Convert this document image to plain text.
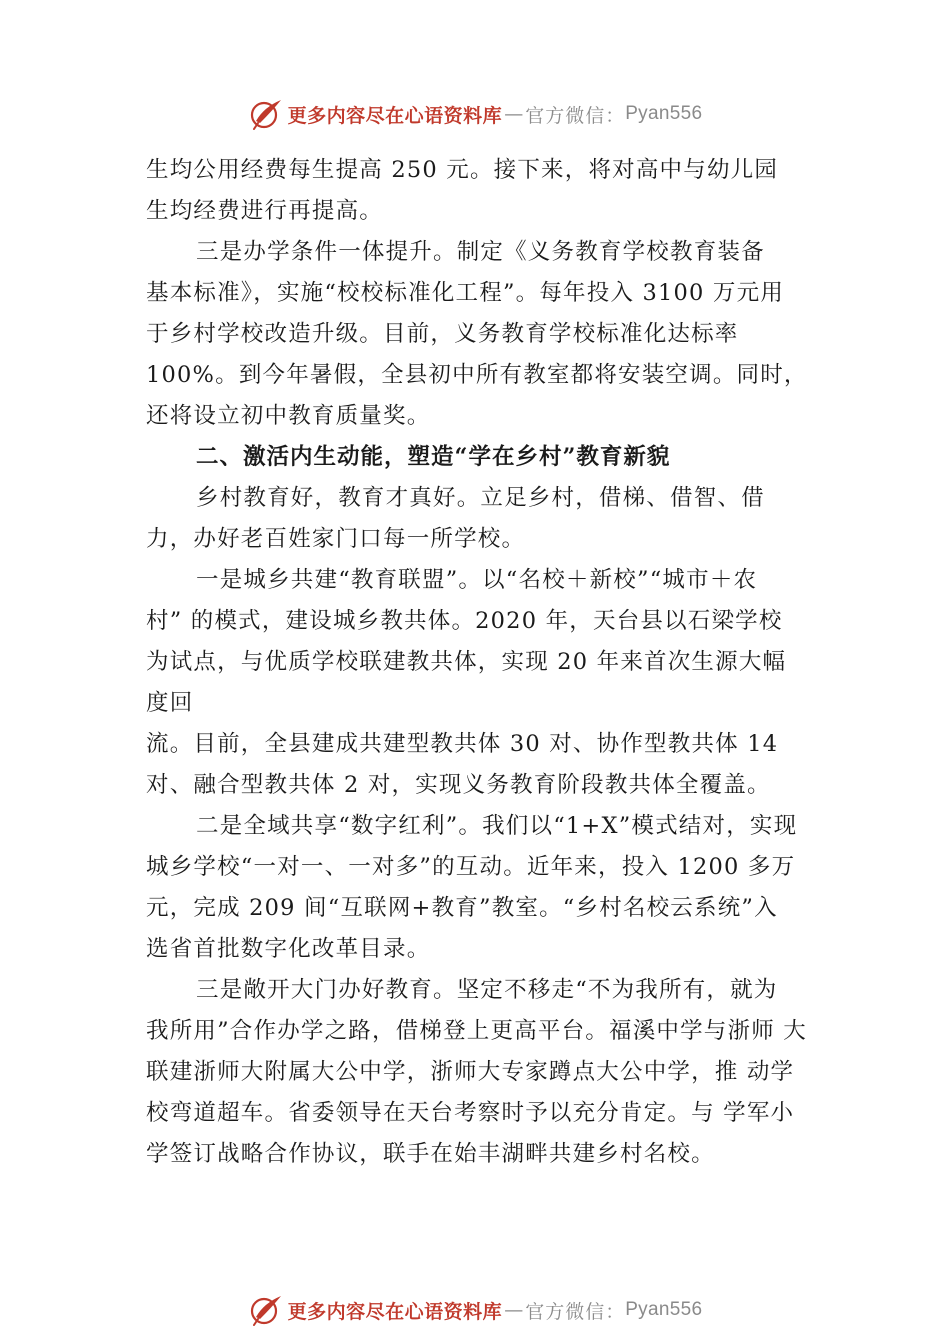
更多内容尽在心语资料库 — 官方微信： Pyan556
生均公用经费每生提高 250 元。接下来，将对高中与幼儿园
生均经费进行再提高。
三是办学条件一体提升。制定《义务教育学校教育装备
基本标准》，实施“校校标准化工程”。每年投入 3100 万元用
于乡村学校改造升级。目前，义务教育学校标准化达标率
100%。到今年暑假，全县初中所有教室都将安装空调。同时，
还将设立初中教育质量奖。
二、激活内生动能，塑造“学在乡村”教育新貌
乡村教育好，教育才真好。立足乡村，借梯、借智、借
力，办好老百姓家门口每一所学校。
一是城乡共建“教育联盟”。以“名校＋新校”“城市＋农
村” 的模式，建设城乡教共体。2020 年，天台县以石梁学校
为试点，与优质学校联建教共体，实现 20 年来首次生源大幅
度回
流。目前，全县建成共建型教共体 30 对、协作型教共体 14
对、融合型教共体 2 对，实现义务教育阶段教共体全覆盖。
二是全域共享“数字红利”。我们以“1+X”模式结对，实现
城乡学校“一对一、一对多”的互动。近年来，投入 1200 多万
元，完成 209 间“互联网+教育”教室。“乡村名校云系统”入
选省首批数字化改革目录。
三是敞开大门办好教育。坚定不移走“不为我所有，就为
我所用”合作办学之路，借梯登上更高平台。福溪中学与浙师 大
联建浙师大附属大公中学，浙师大专家蹲点大公中学，推 动学
校弯道超车。省委领导在天台考察时予以充分肯定。与 学军小
学签订战略合作协议，联手在始丰湖畔共建乡村名校。
更多内容尽在心语资料库 — 官方微信： Pyan556
